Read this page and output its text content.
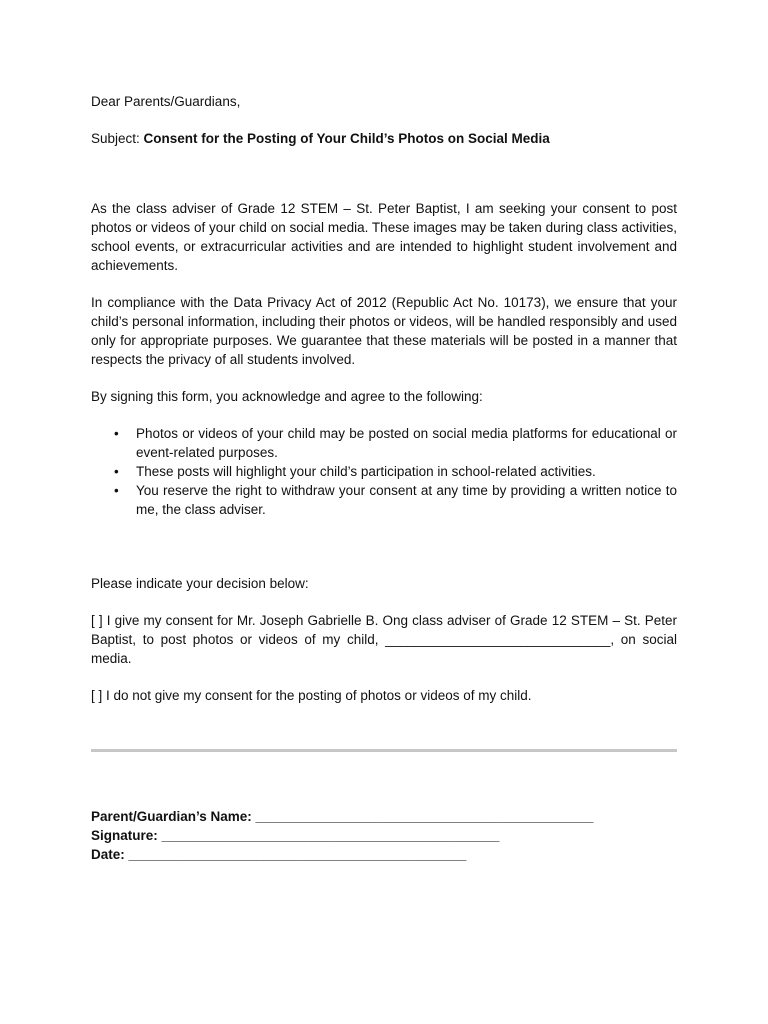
Dear Parents/Guardians,

Subject: Consent for the Posting of Your Child’s Photos on Social Media

As the class adviser of Grade 12 STEM – St. Peter Baptist, I am seeking your consent to post photos or videos of your child on social media. These images may be taken during class activities, school events, or extracurricular activities and are intended to highlight student involvement and achievements.

In compliance with the Data Privacy Act of 2012 (Republic Act No. 10173), we ensure that your child’s personal information, including their photos or videos, will be handled responsibly and used only for appropriate purposes. We guarantee that these materials will be posted in a manner that respects the privacy of all students involved.

By signing this form, you acknowledge and agree to the following:

• Photos or videos of your child may be posted on social media platforms for educational or event-related purposes.
• These posts will highlight your child’s participation in school-related activities.
• You reserve the right to withdraw your consent at any time by providing a written notice to me, the class adviser.

Please indicate your decision below:

[ ] I give my consent for Mr. Joseph Gabrielle B. Ong class adviser of Grade 12 STEM – St. Peter Baptist, to post photos or videos of my child, ______________________________, on social media.

[ ] I do not give my consent for the posting of photos or videos of my child.

Parent/Guardian’s Name: _____________________________________________

Signature: _____________________________________________

Date: _____________________________________________
